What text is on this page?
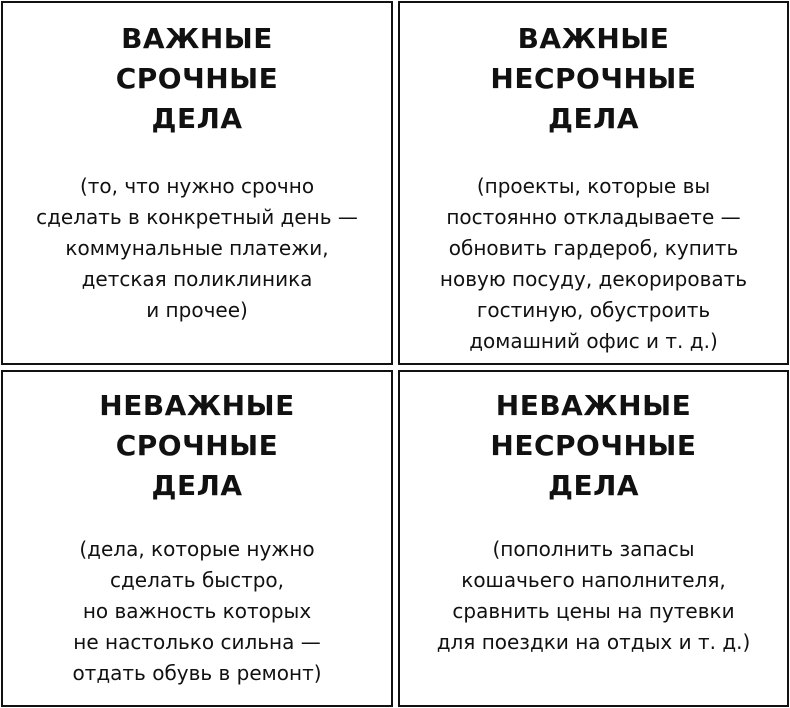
ВАЖНЫЕ
СРОЧНЫЕ
ДЕЛА
(то, что нужно срочно
сделать в конкретный день —
коммунальные платежи,
детская поликлиника
и прочее)
ВАЖНЫЕ
НЕСРОЧНЫЕ
ДЕЛА
(проекты, которые вы
постоянно откладываете —
обновить гардероб, купить
новую посуду, декорировать
гостиную, обустроить
домашний офис и т. д.)
НЕВАЖНЫЕ
СРОЧНЫЕ
ДЕЛА
(дела, которые нужно
сделать быстро,
но важность которых
не настолько сильна —
отдать обувь в ремонт)
НЕВАЖНЫЕ
НЕСРОЧНЫЕ
ДЕЛА
(пополнить запасы
кошачьего наполнителя,
сравнить цены на путевки
для поездки на отдых и т. д.)
